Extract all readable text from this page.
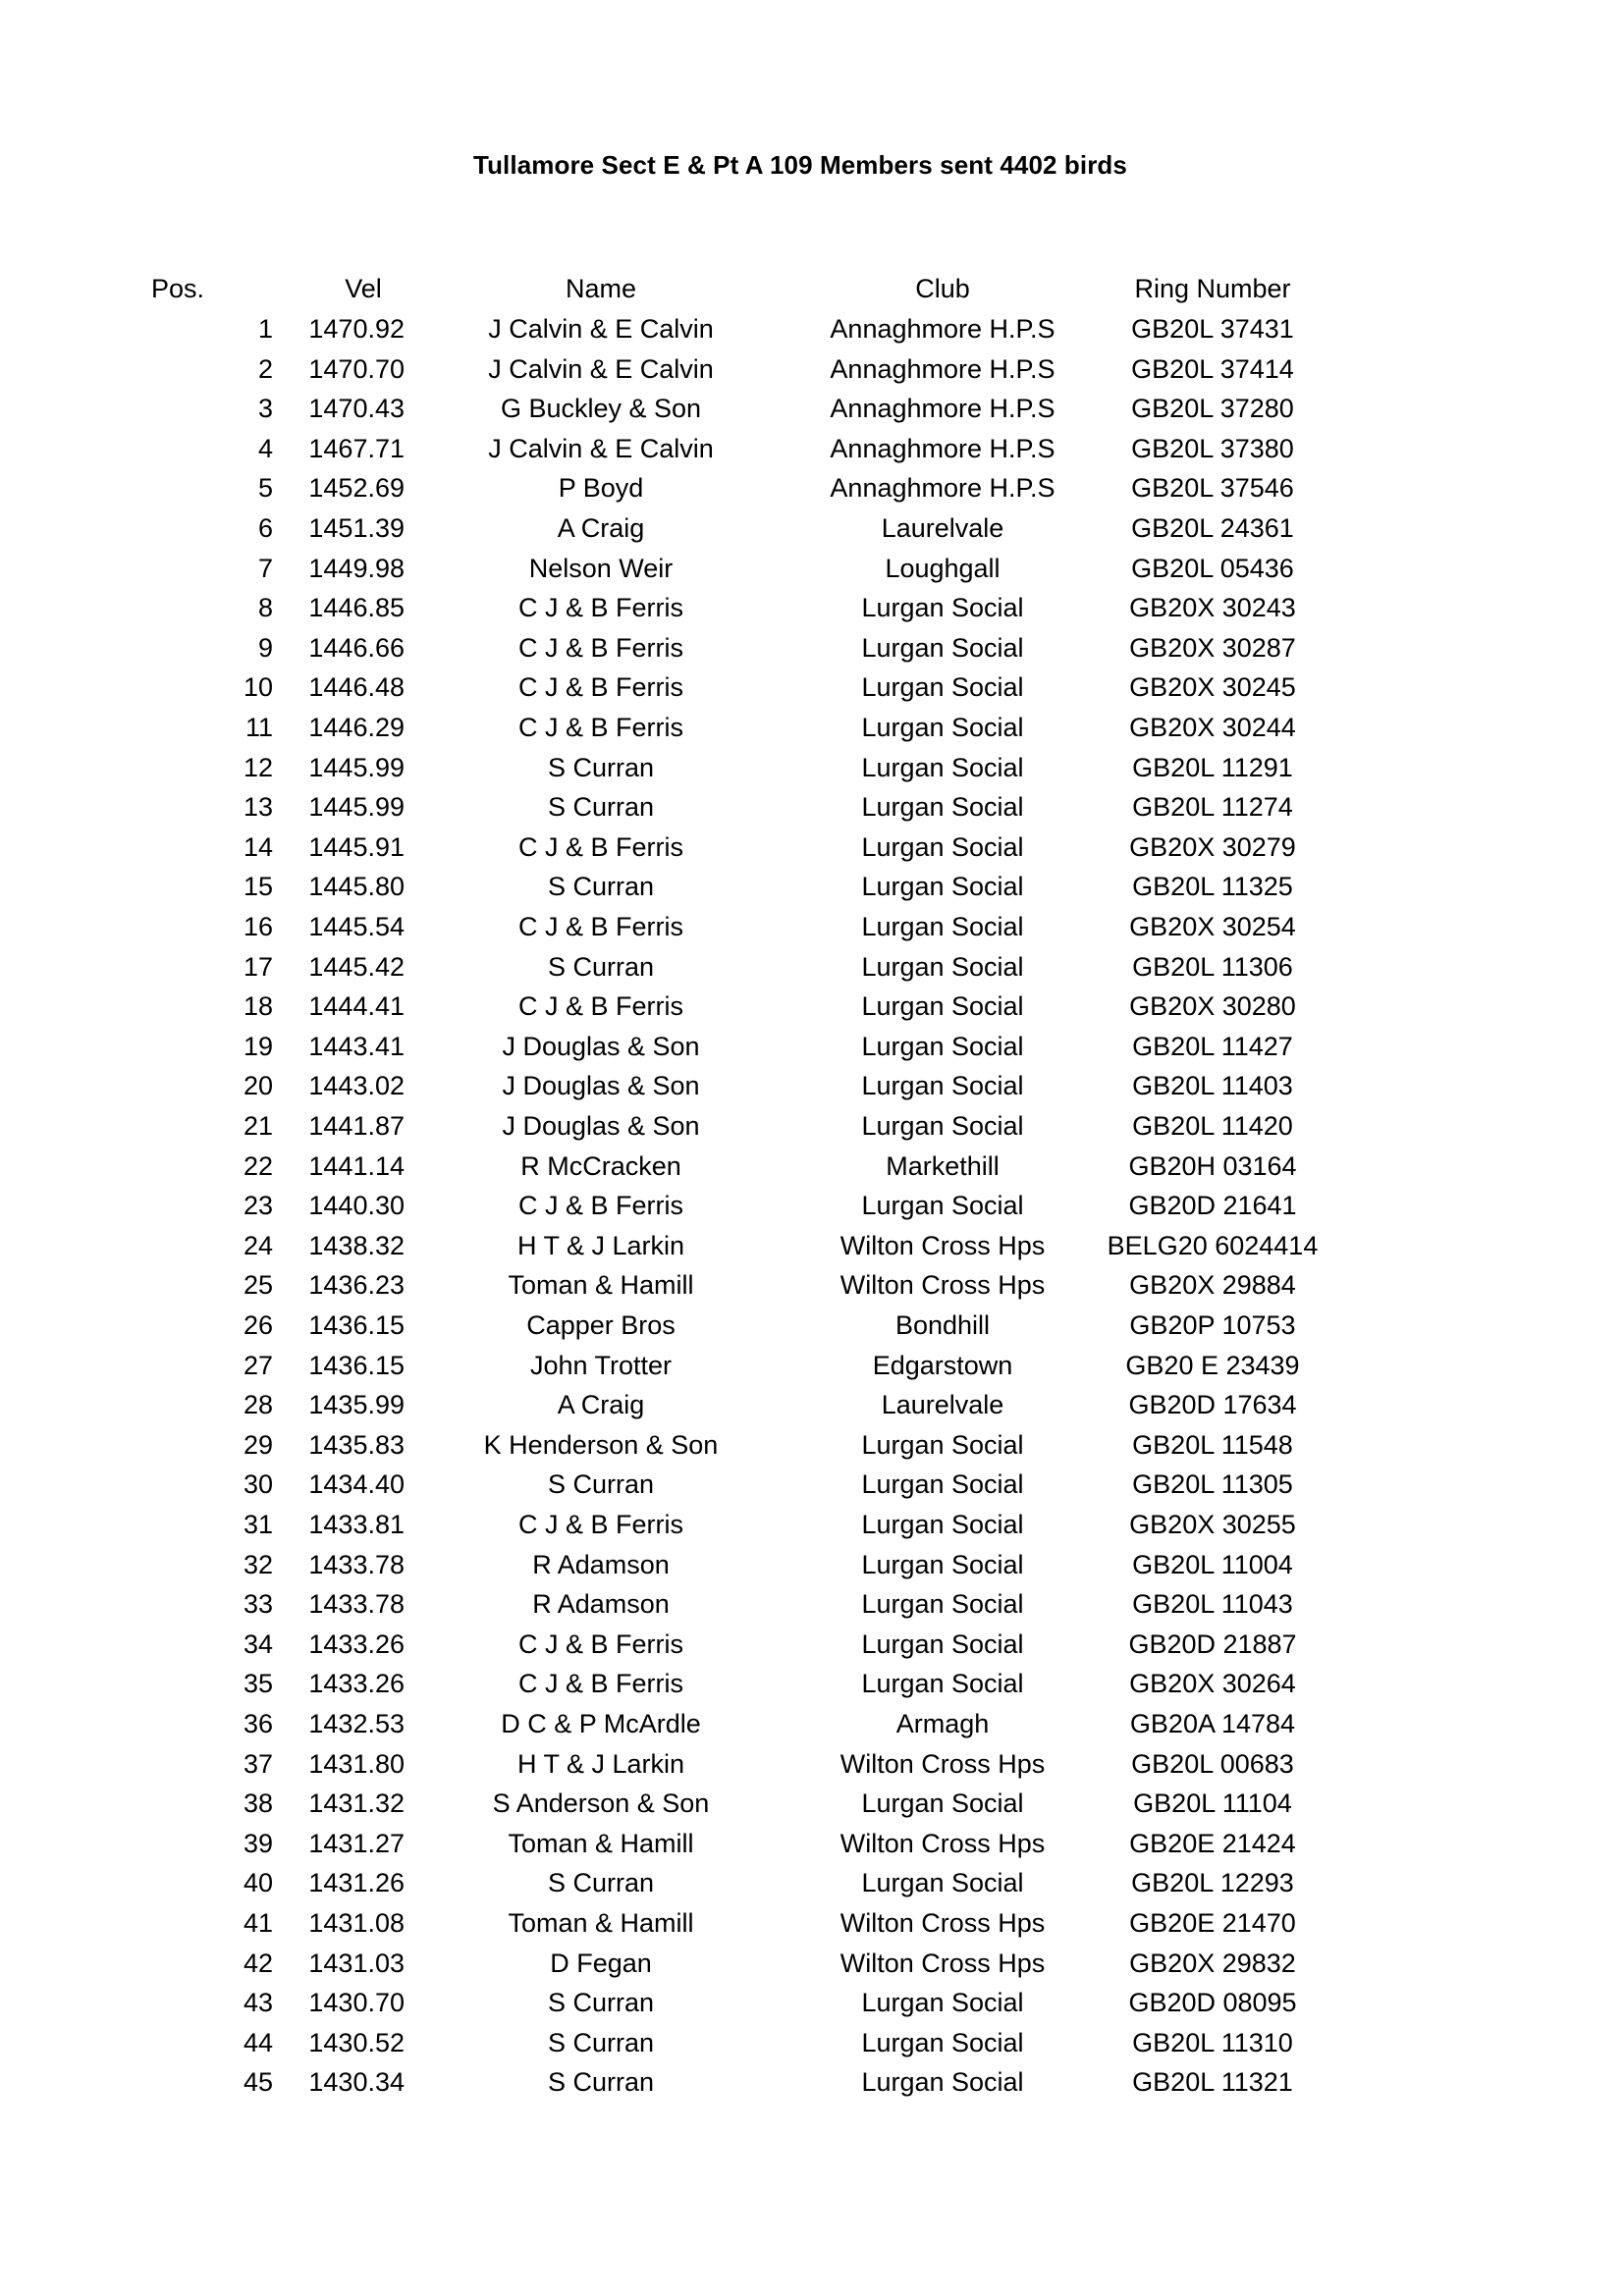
Tullamore Sect E & Pt A 109 Members sent 4402 birds
Pos.	Vel	Name	Club	Ring Number
1	1470.92	J Calvin & E Calvin	Annaghmore H.P.S	GB20L 37431
2	1470.70	J Calvin & E Calvin	Annaghmore H.P.S	GB20L 37414
3	1470.43	G Buckley & Son	Annaghmore H.P.S	GB20L 37280
4	1467.71	J Calvin & E Calvin	Annaghmore H.P.S	GB20L 37380
5	1452.69	P Boyd	Annaghmore H.P.S	GB20L 37546
6	1451.39	A Craig	Laurelvale	GB20L 24361
7	1449.98	Nelson Weir	Loughgall	GB20L 05436
8	1446.85	C J & B Ferris	Lurgan Social	GB20X 30243
9	1446.66	C J & B Ferris	Lurgan Social	GB20X 30287
10	1446.48	C J & B Ferris	Lurgan Social	GB20X 30245
11	1446.29	C J & B Ferris	Lurgan Social	GB20X 30244
12	1445.99	S Curran	Lurgan Social	GB20L 11291
13	1445.99	S Curran	Lurgan Social	GB20L 11274
14	1445.91	C J & B Ferris	Lurgan Social	GB20X 30279
15	1445.80	S Curran	Lurgan Social	GB20L 11325
16	1445.54	C J & B Ferris	Lurgan Social	GB20X 30254
17	1445.42	S Curran	Lurgan Social	GB20L 11306
18	1444.41	C J & B Ferris	Lurgan Social	GB20X 30280
19	1443.41	J Douglas & Son	Lurgan Social	GB20L 11427
20	1443.02	J Douglas & Son	Lurgan Social	GB20L 11403
21	1441.87	J Douglas & Son	Lurgan Social	GB20L 11420
22	1441.14	R McCracken	Markethill	GB20H 03164
23	1440.30	C J & B Ferris	Lurgan Social	GB20D 21641
24	1438.32	H T & J Larkin	Wilton Cross Hps	BELG20 6024414
25	1436.23	Toman & Hamill	Wilton Cross Hps	GB20X 29884
26	1436.15	Capper Bros	Bondhill	GB20P 10753
27	1436.15	John Trotter	Edgarstown	GB20 E 23439
28	1435.99	A Craig	Laurelvale	GB20D 17634
29	1435.83	K Henderson & Son	Lurgan Social	GB20L 11548
30	1434.40	S Curran	Lurgan Social	GB20L 11305
31	1433.81	C J & B Ferris	Lurgan Social	GB20X 30255
32	1433.78	R Adamson	Lurgan Social	GB20L 11004
33	1433.78	R Adamson	Lurgan Social	GB20L 11043
34	1433.26	C J & B Ferris	Lurgan Social	GB20D 21887
35	1433.26	C J & B Ferris	Lurgan Social	GB20X 30264
36	1432.53	D C & P McArdle	Armagh	GB20A 14784
37	1431.80	H T & J Larkin	Wilton Cross Hps	GB20L 00683
38	1431.32	S Anderson & Son	Lurgan Social	GB20L 11104
39	1431.27	Toman & Hamill	Wilton Cross Hps	GB20E 21424
40	1431.26	S Curran	Lurgan Social	GB20L 12293
41	1431.08	Toman & Hamill	Wilton Cross Hps	GB20E 21470
42	1431.03	D Fegan	Wilton Cross Hps	GB20X 29832
43	1430.70	S Curran	Lurgan Social	GB20D 08095
44	1430.52	S Curran	Lurgan Social	GB20L 11310
45	1430.34	S Curran	Lurgan Social	GB20L 11321
